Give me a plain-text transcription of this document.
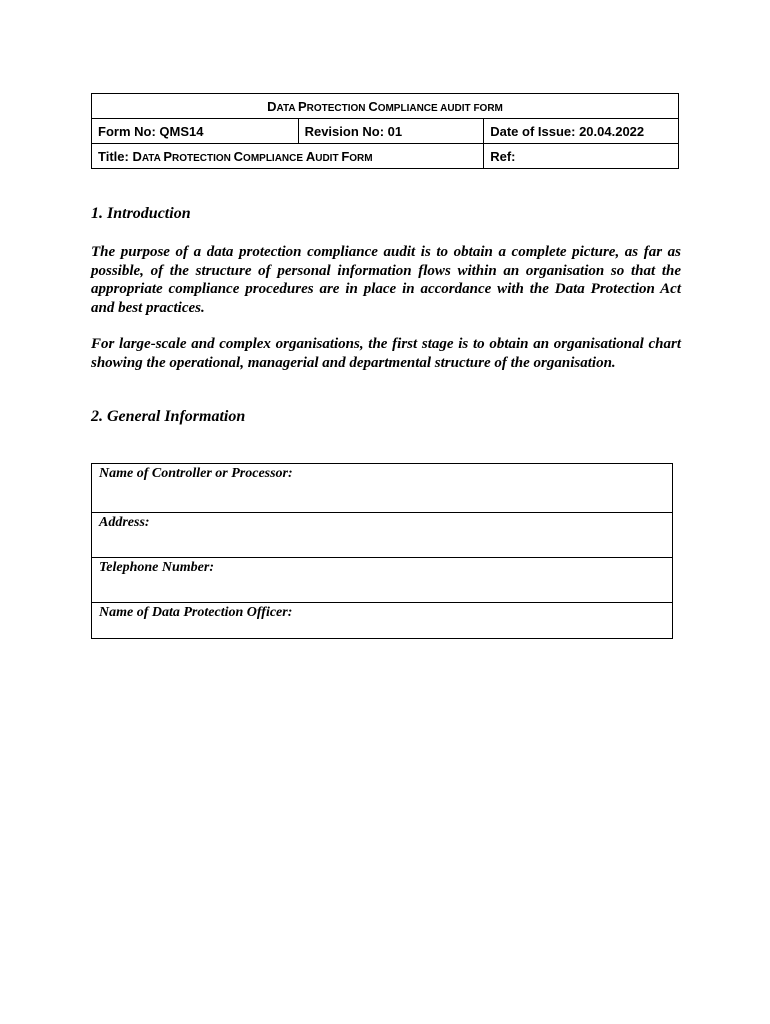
DATA PROTECTION COMPLIANCE AUDIT FORM		
Form No: QMS14	Revision No: 01	Date of Issue: 20.04.2022
Title: DATA PROTECTION COMPLIANCE AUDIT FORM		Ref:
1. Introduction

The purpose of a data protection compliance audit is to obtain a complete picture, as far as possible, of the structure of personal information flows within an organisation so that the appropriate compliance procedures are in place in accordance with the Data Protection Act and best practices.

For large-scale and complex organisations, the first stage is to obtain an organisational chart showing the operational, managerial and departmental structure of the organisation.

2. General Information
Name of Controller or Processor:
Address:
Telephone Number:
Name of Data Protection Officer:
